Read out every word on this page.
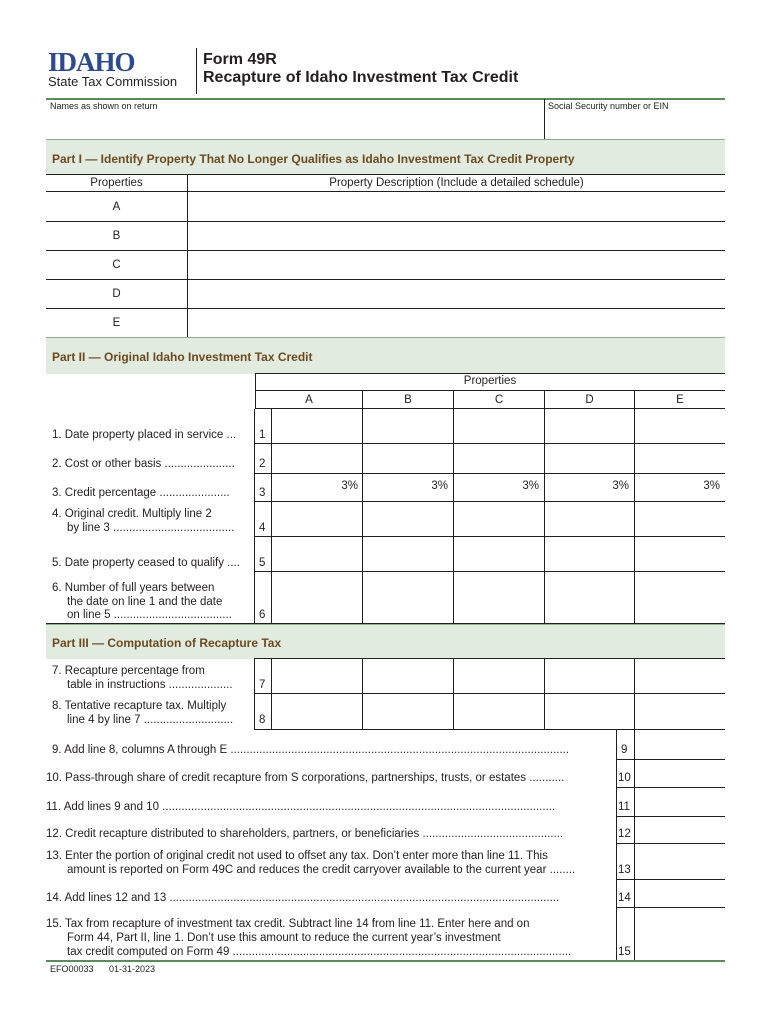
IDAHO
State Tax Commission
Form 49R
Recapture of Idaho Investment Tax Credit
Names as shown on return	Social Security number or EIN
Part I — Identify Property That No Longer Qualifies as Idaho Investment Tax Credit Property
Properties	Property Description (Include a detailed schedule)
A
B
C
D
E
Part II — Original Idaho Investment Tax Credit
Properties
A	B	C	D	E
1. Date property placed in service ... 1
2. Cost or other basis ...................... 2
3. Credit percentage ......................	3
3%	3%	3%	3%	3%
4. Original credit. Multiply line 2
by line 3 ...................................... 4
5. Date property ceased to qualify .... 5
6. Number of full years between
the date on line 1 and the date
on line 5 ..................................... 6
Part III — Computation of Recapture Tax
7. Recapture percentage from
table in instructions .................... 7
8. Tentative recapture tax. Multiply
line 4 by line 7 ............................ 8
9. Add line 8, columns A through E ..........................................................................................................	9
10. Pass-through share of credit recapture from S corporations, partnerships, trusts, or estates ...........	10
11. Add lines 9 and 10 ...........................................................................................................................	11
12. Credit recapture distributed to shareholders, partners, or beneficiaries ............................................	12
13. Enter the portion of original credit not used to offset any tax. Don’t enter more than line 11. This
amount is reported on Form 49C and reduces the credit carryover available to the current year ........	13
14. Add lines 12 and 13 ..........................................................................................................................	14
15. Tax from recapture of investment tax credit. Subtract line 14 from line 11. Enter here and on
Form 44, Part II, line 1. Don’t use this amount to reduce the current year’s investment
tax credit computed on Form 49 ..........................................................................................................	15
EFO00033 01-31-2023
